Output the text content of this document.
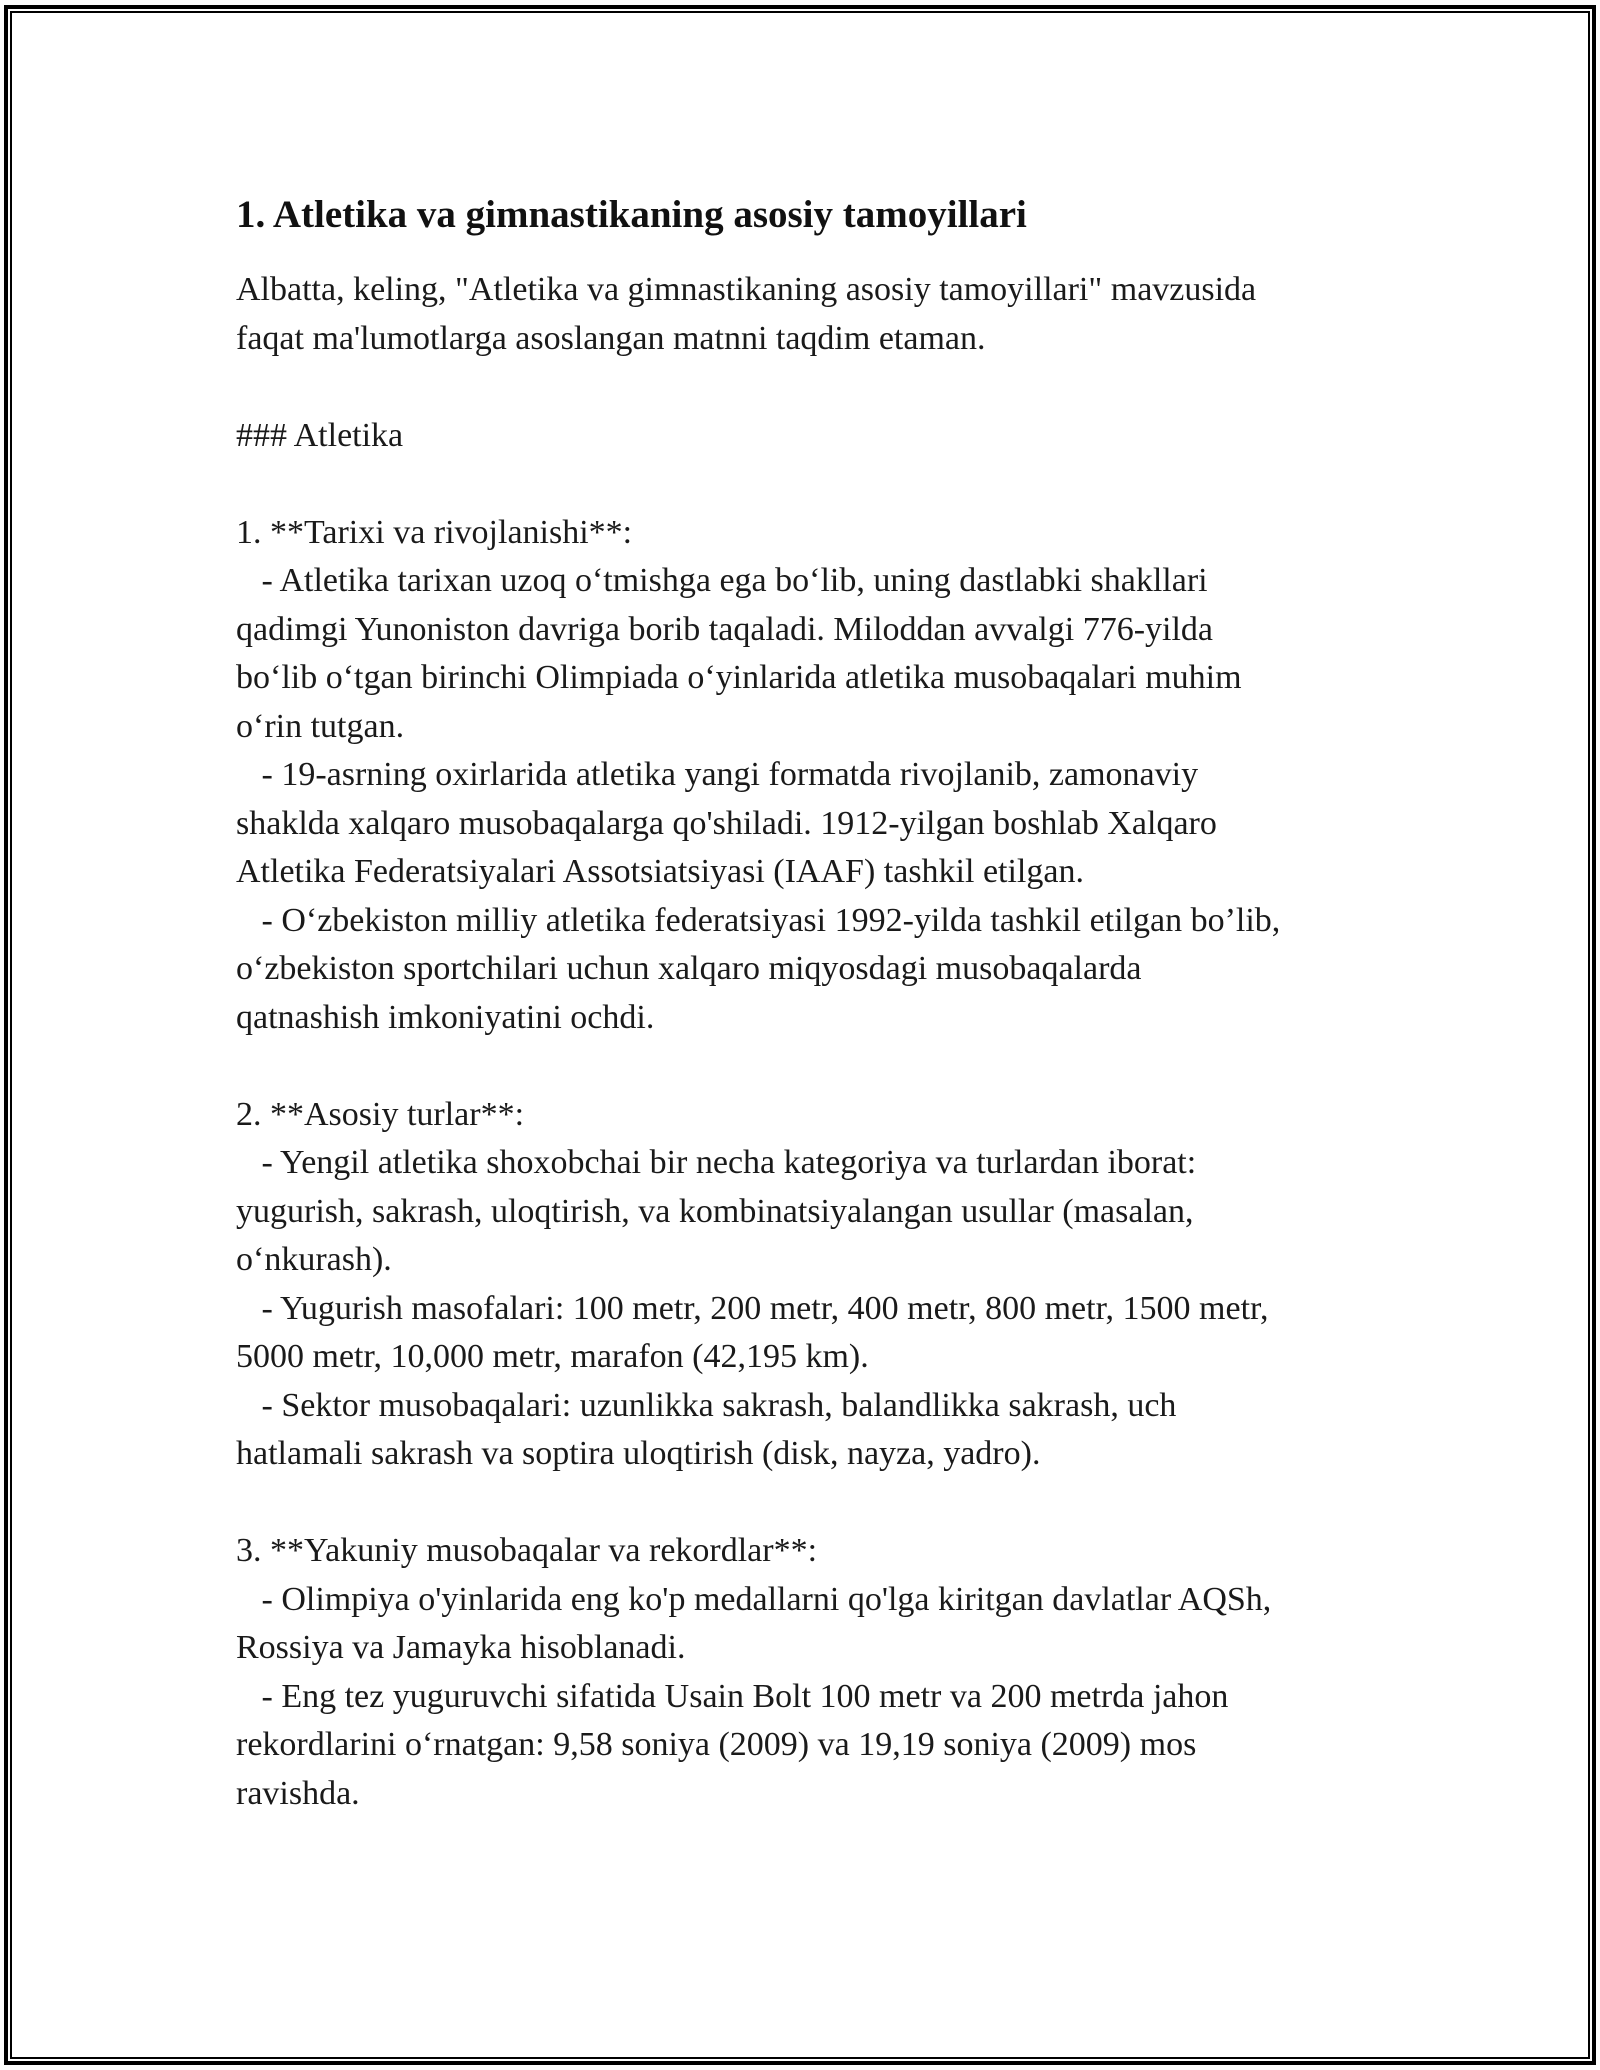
1. Atletika va gimnastikaning asosiy tamoyillari
Albatta, keling, "Atletika va gimnastikaning asosiy tamoyillari" mavzusida
faqat ma'lumotlarga asoslangan matnni taqdim etaman.

### Atletika

1. **Tarixi va rivojlanishi**:
- Atletika tarixan uzoq o‘tmishga ega bo‘lib, uning dastlabki shakllari
qadimgi Yunoniston davriga borib taqaladi. Miloddan avvalgi 776-yilda
bo‘lib o‘tgan birinchi Olimpiada o‘yinlarida atletika musobaqalari muhim
o‘rin tutgan.
- 19-asrning oxirlarida atletika yangi formatda rivojlanib, zamonaviy
shaklda xalqaro musobaqalarga qo'shiladi. 1912-yilgan boshlab Xalqaro
Atletika Federatsiyalari Assotsiatsiyasi (IAAF) tashkil etilgan.
- O‘zbekiston milliy atletika federatsiyasi 1992-yilda tashkil etilgan bo’lib,
o‘zbekiston sportchilari uchun xalqaro miqyosdagi musobaqalarda
qatnashish imkoniyatini ochdi.

2. **Asosiy turlar**:
- Yengil atletika shoxobchai bir necha kategoriya va turlardan iborat:
yugurish, sakrash, uloqtirish, va kombinatsiyalangan usullar (masalan,
o‘nkurash).
- Yugurish masofalari: 100 metr, 200 metr, 400 metr, 800 metr, 1500 metr,
5000 metr, 10,000 metr, marafon (42,195 km).
- Sektor musobaqalari: uzunlikka sakrash, balandlikka sakrash, uch
hatlamali sakrash va soptira uloqtirish (disk, nayza, yadro).

3. **Yakuniy musobaqalar va rekordlar**:
- Olimpiya o'yinlarida eng ko'p medallarni qo'lga kiritgan davlatlar AQSh,
Rossiya va Jamayka hisoblanadi.
- Eng tez yuguruvchi sifatida Usain Bolt 100 metr va 200 metrda jahon
rekordlarini o‘rnatgan: 9,58 soniya (2009) va 19,19 soniya (2009) mos
ravishda.
